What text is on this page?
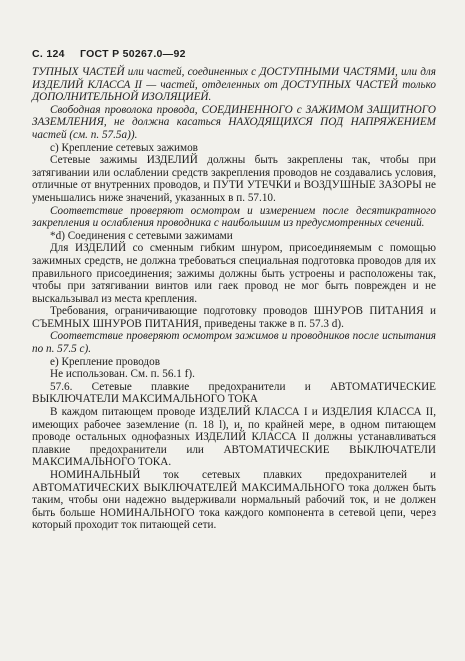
С. 124 ГОСТ Р 50267.0—92

ТУПНЫХ ЧАСТЕЙ или частей, соединенных с ДОСТУПНЫМИ ЧАСТЯМИ, или для ИЗДЕЛИЙ КЛАССА II — частей, отделенных от ДОСТУПНЫХ ЧАСТЕЙ только ДОПОЛНИТЕЛЬНОЙ ИЗОЛЯЦИЕЙ.

Свободная проволока провода, СОЕДИНЕННОГО с ЗАЖИМОМ ЗАЩИТНОГО ЗАЗЕМЛЕНИЯ, не должна касаться НАХОДЯЩИХСЯ ПОД НАПРЯЖЕНИЕМ частей (см. п. 57.5а)).

с) Крепление сетевых зажимов

Сетевые зажимы ИЗДЕЛИЙ должны быть закреплены так, чтобы при затягивании или ослаблении средств закрепления проводов не создавались условия, отличные от внутренних проводов, и ПУТИ УТЕЧКИ и ВОЗДУШНЫЕ ЗАЗОРЫ не уменьшались ниже значений, указанных в п. 57.10.

Соответствие проверяют осмотром и измерением после десятикратного закрепления и ослабления проводника с наибольшим из предусмотренных сечений.

*d) Соединения с сетевыми зажимами

Для ИЗДЕЛИЙ со сменным гибким шнуром, присоединяемым с помощью зажимных средств, не должна требоваться специальная подготовка проводов для их правильного присоединения; зажимы должны быть устроены и расположены так, чтобы при затягивании винтов или гаек провод не мог быть поврежден и не выскальзывал из места крепления.

Требования, ограничивающие подготовку проводов ШНУРОВ ПИТАНИЯ и СЪЕМНЫХ ШНУРОВ ПИТАНИЯ, приведены также в п. 57.3 d).

Соответствие проверяют осмотром зажимов и проводников после испытания по п. 57.5 с).

е) Крепление проводов

Не использован. См. п. 56.1 f).

57.6. Сетевые плавкие предохранители и АВТОМАТИЧЕСКИЕ ВЫКЛЮЧАТЕЛИ МАКСИМАЛЬНОГО ТОКА

В каждом питающем проводе ИЗДЕЛИЙ КЛАССА I и ИЗДЕЛИЯ КЛАССА II, имеющих рабочее заземление (п. 18 l), и, по крайней мере, в одном питающем проводе остальных однофазных ИЗДЕЛИЙ КЛАССА II должны устанавливаться плавкие предохранители или АВТОМАТИЧЕСКИЕ ВЫКЛЮЧАТЕЛИ МАКСИМАЛЬНОГО ТОКА.

НОМИНАЛЬНЫЙ ток сетевых плавких предохранителей и АВТОМАТИЧЕСКИХ ВЫКЛЮЧАТЕЛЕЙ МАКСИМАЛЬНОГО тока должен быть таким, чтобы они надежно выдерживали нормальный рабочий ток, и не должен быть больше НОМИНАЛЬНОГО тока каждого компонента в сетевой цепи, через который проходит ток питающей сети.
